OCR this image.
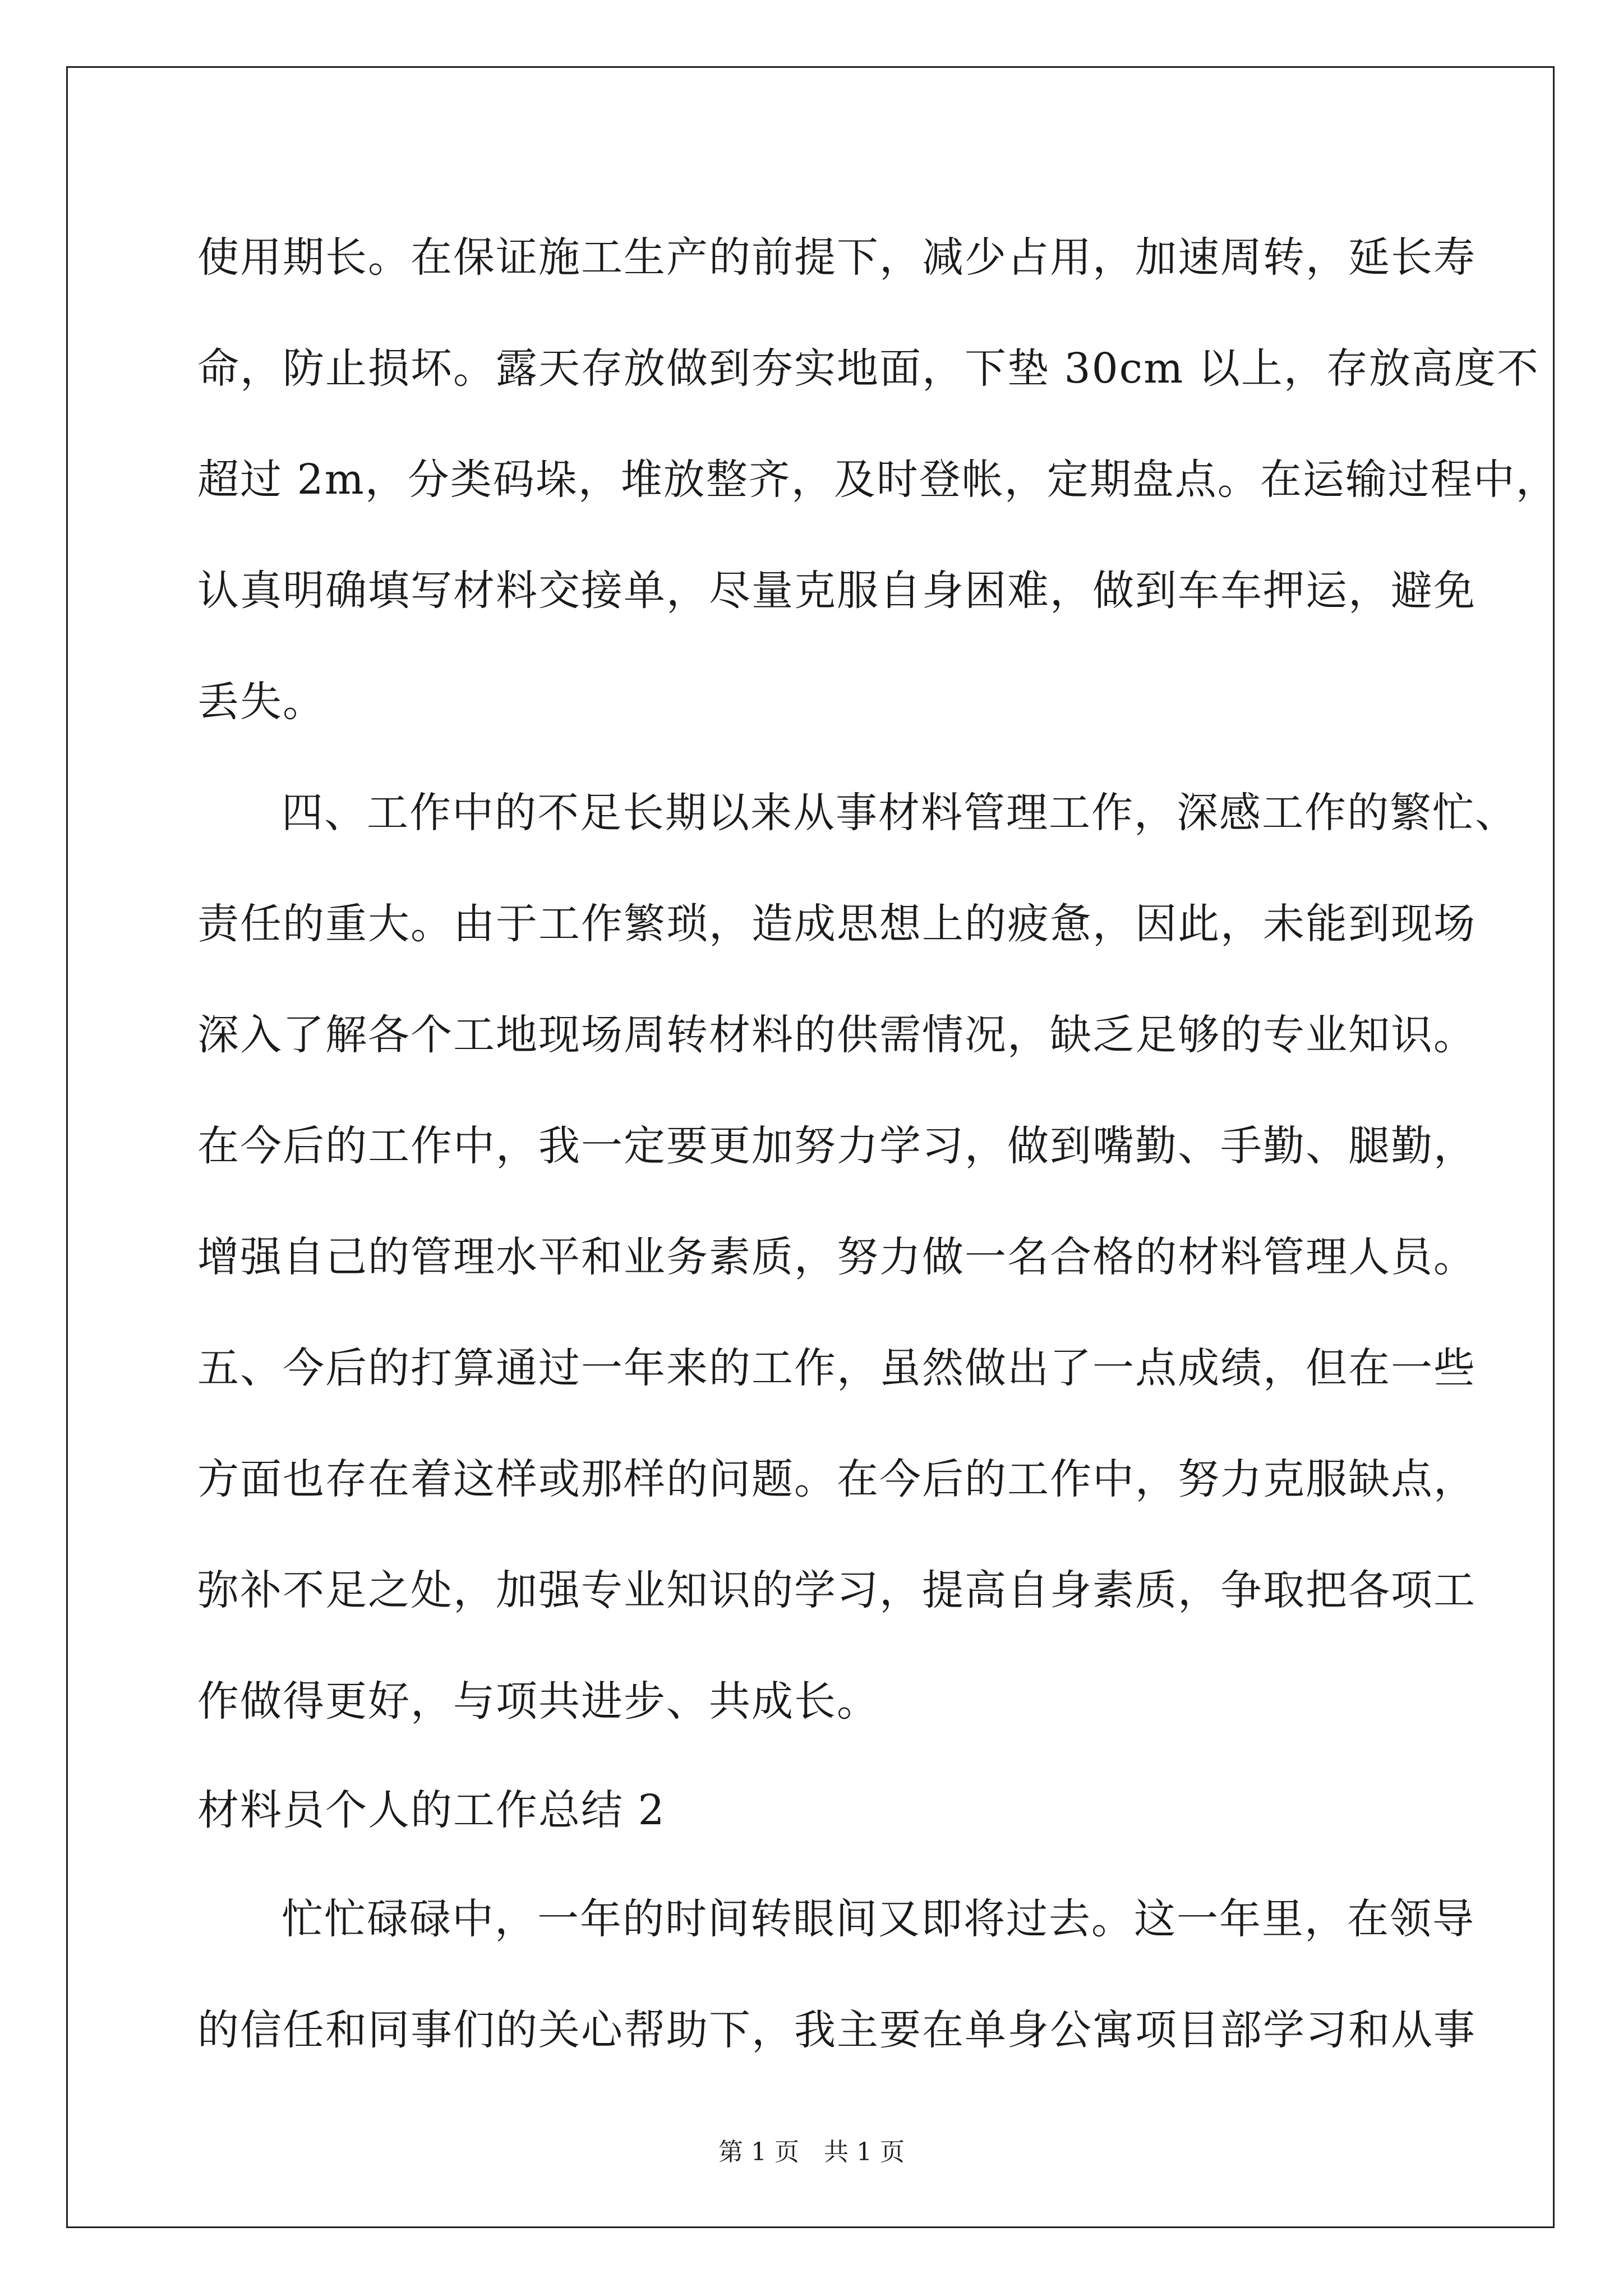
使用期长。在保证施工生产的前提下，减少占用，加速周转，延长寿
命，防止损坏。露天存放做到夯实地面，下垫 30cm 以上，存放高度不
超过 2m，分类码垛，堆放整齐，及时登帐，定期盘点。在运输过程中，
认真明确填写材料交接单，尽量克服自身困难，做到车车押运，避免
丢失。
四、工作中的不足长期以来从事材料管理工作，深感工作的繁忙、
责任的重大。由于工作繁琐，造成思想上的疲惫，因此，未能到现场
深入了解各个工地现场周转材料的供需情况，缺乏足够的专业知识。
在今后的工作中，我一定要更加努力学习，做到嘴勤、手勤、腿勤，
增强自己的管理水平和业务素质，努力做一名合格的材料管理人员。
五、今后的打算通过一年来的工作，虽然做出了一点成绩，但在一些
方面也存在着这样或那样的问题。在今后的工作中，努力克服缺点，
弥补不足之处，加强专业知识的学习，提高自身素质，争取把各项工
作做得更好，与项共进步、共成长。
材料员个人的工作总结 2
忙忙碌碌中，一年的时间转眼间又即将过去。这一年里，在领导
的信任和同事们的关心帮助下，我主要在单身公寓项目部学习和从事
第 1 页　共 1 页
